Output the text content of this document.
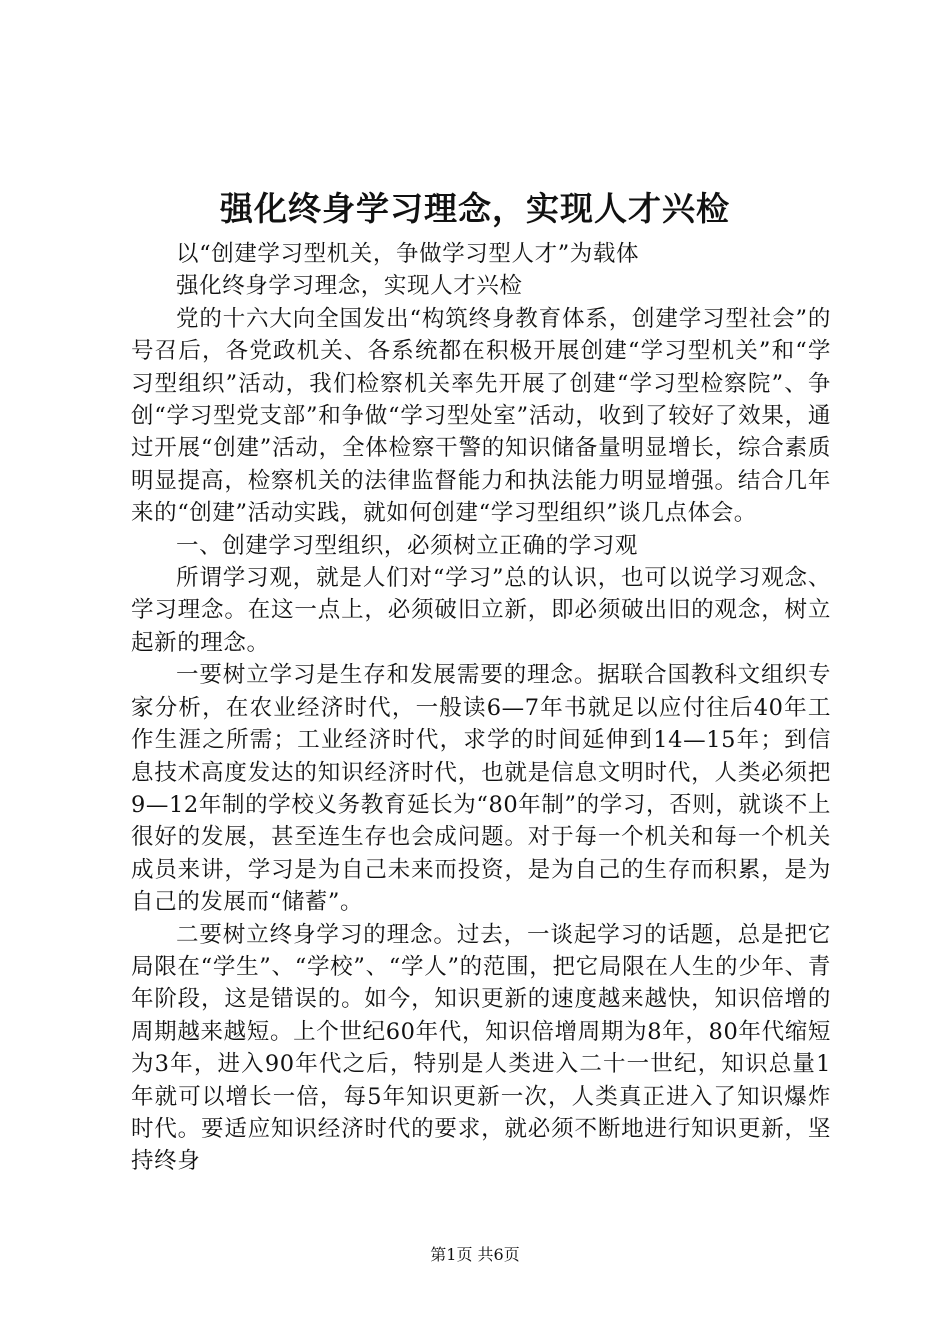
强化终身学习理念，实现人才兴检

以“创建学习型机关，争做学习型人才”为载体

强化终身学习理念，实现人才兴检

党的十六大向全国发出“构筑终身教育体系，创建学习型社会”的号召后，各党政机关、各系统都在积极开展创建“学习型机关”和“学习型组织”活动，我们检察机关率先开展了创建“学习型检察院”、争创“学习型党支部”和争做“学习型处室”活动，收到了较好了效果，通过开展“创建”活动，全体检察干警的知识储备量明显增长，综合素质明显提高，检察机关的法律监督能力和执法能力明显增强。结合几年来的“创建”活动实践，就如何创建“学习型组织”谈几点体会。

一、创建学习型组织，必须树立正确的学习观

所谓学习观，就是人们对“学习”总的认识，也可以说学习观念、学习理念。在这一点上，必须破旧立新，即必须破出旧的观念，树立起新的理念。

一要树立学习是生存和发展需要的理念。据联合国教科文组织专家分析，在农业经济时代，一般读6—7年书就足以应付往后40年工作生涯之所需；工业经济时代，求学的时间延伸到14—15年；到信息技术高度发达的知识经济时代，也就是信息文明时代，人类必须把9—12年制的学校义务教育延长为“80年制”的学习，否则，就谈不上很好的发展，甚至连生存也会成问题。对于每一个机关和每一个机关成员来讲，学习是为自己未来而投资，是为自己的生存而积累，是为自己的发展而“储蓄”。

二要树立终身学习的理念。过去，一谈起学习的话题，总是把它局限在“学生”、“学校”、“学人”的范围，把它局限在人生的少年、青年阶段，这是错误的。如今，知识更新的速度越来越快，知识倍增的周期越来越短。上个世纪60年代，知识倍增周期为8年，80年代缩短为3年，进入90年代之后，特别是人类进入二十一世纪，知识总量1年就可以增长一倍，每5年知识更新一次，人类真正进入了知识爆炸时代。要适应知识经济时代的要求，就必须不断地进行知识更新，坚持终身

第1页 共6页
